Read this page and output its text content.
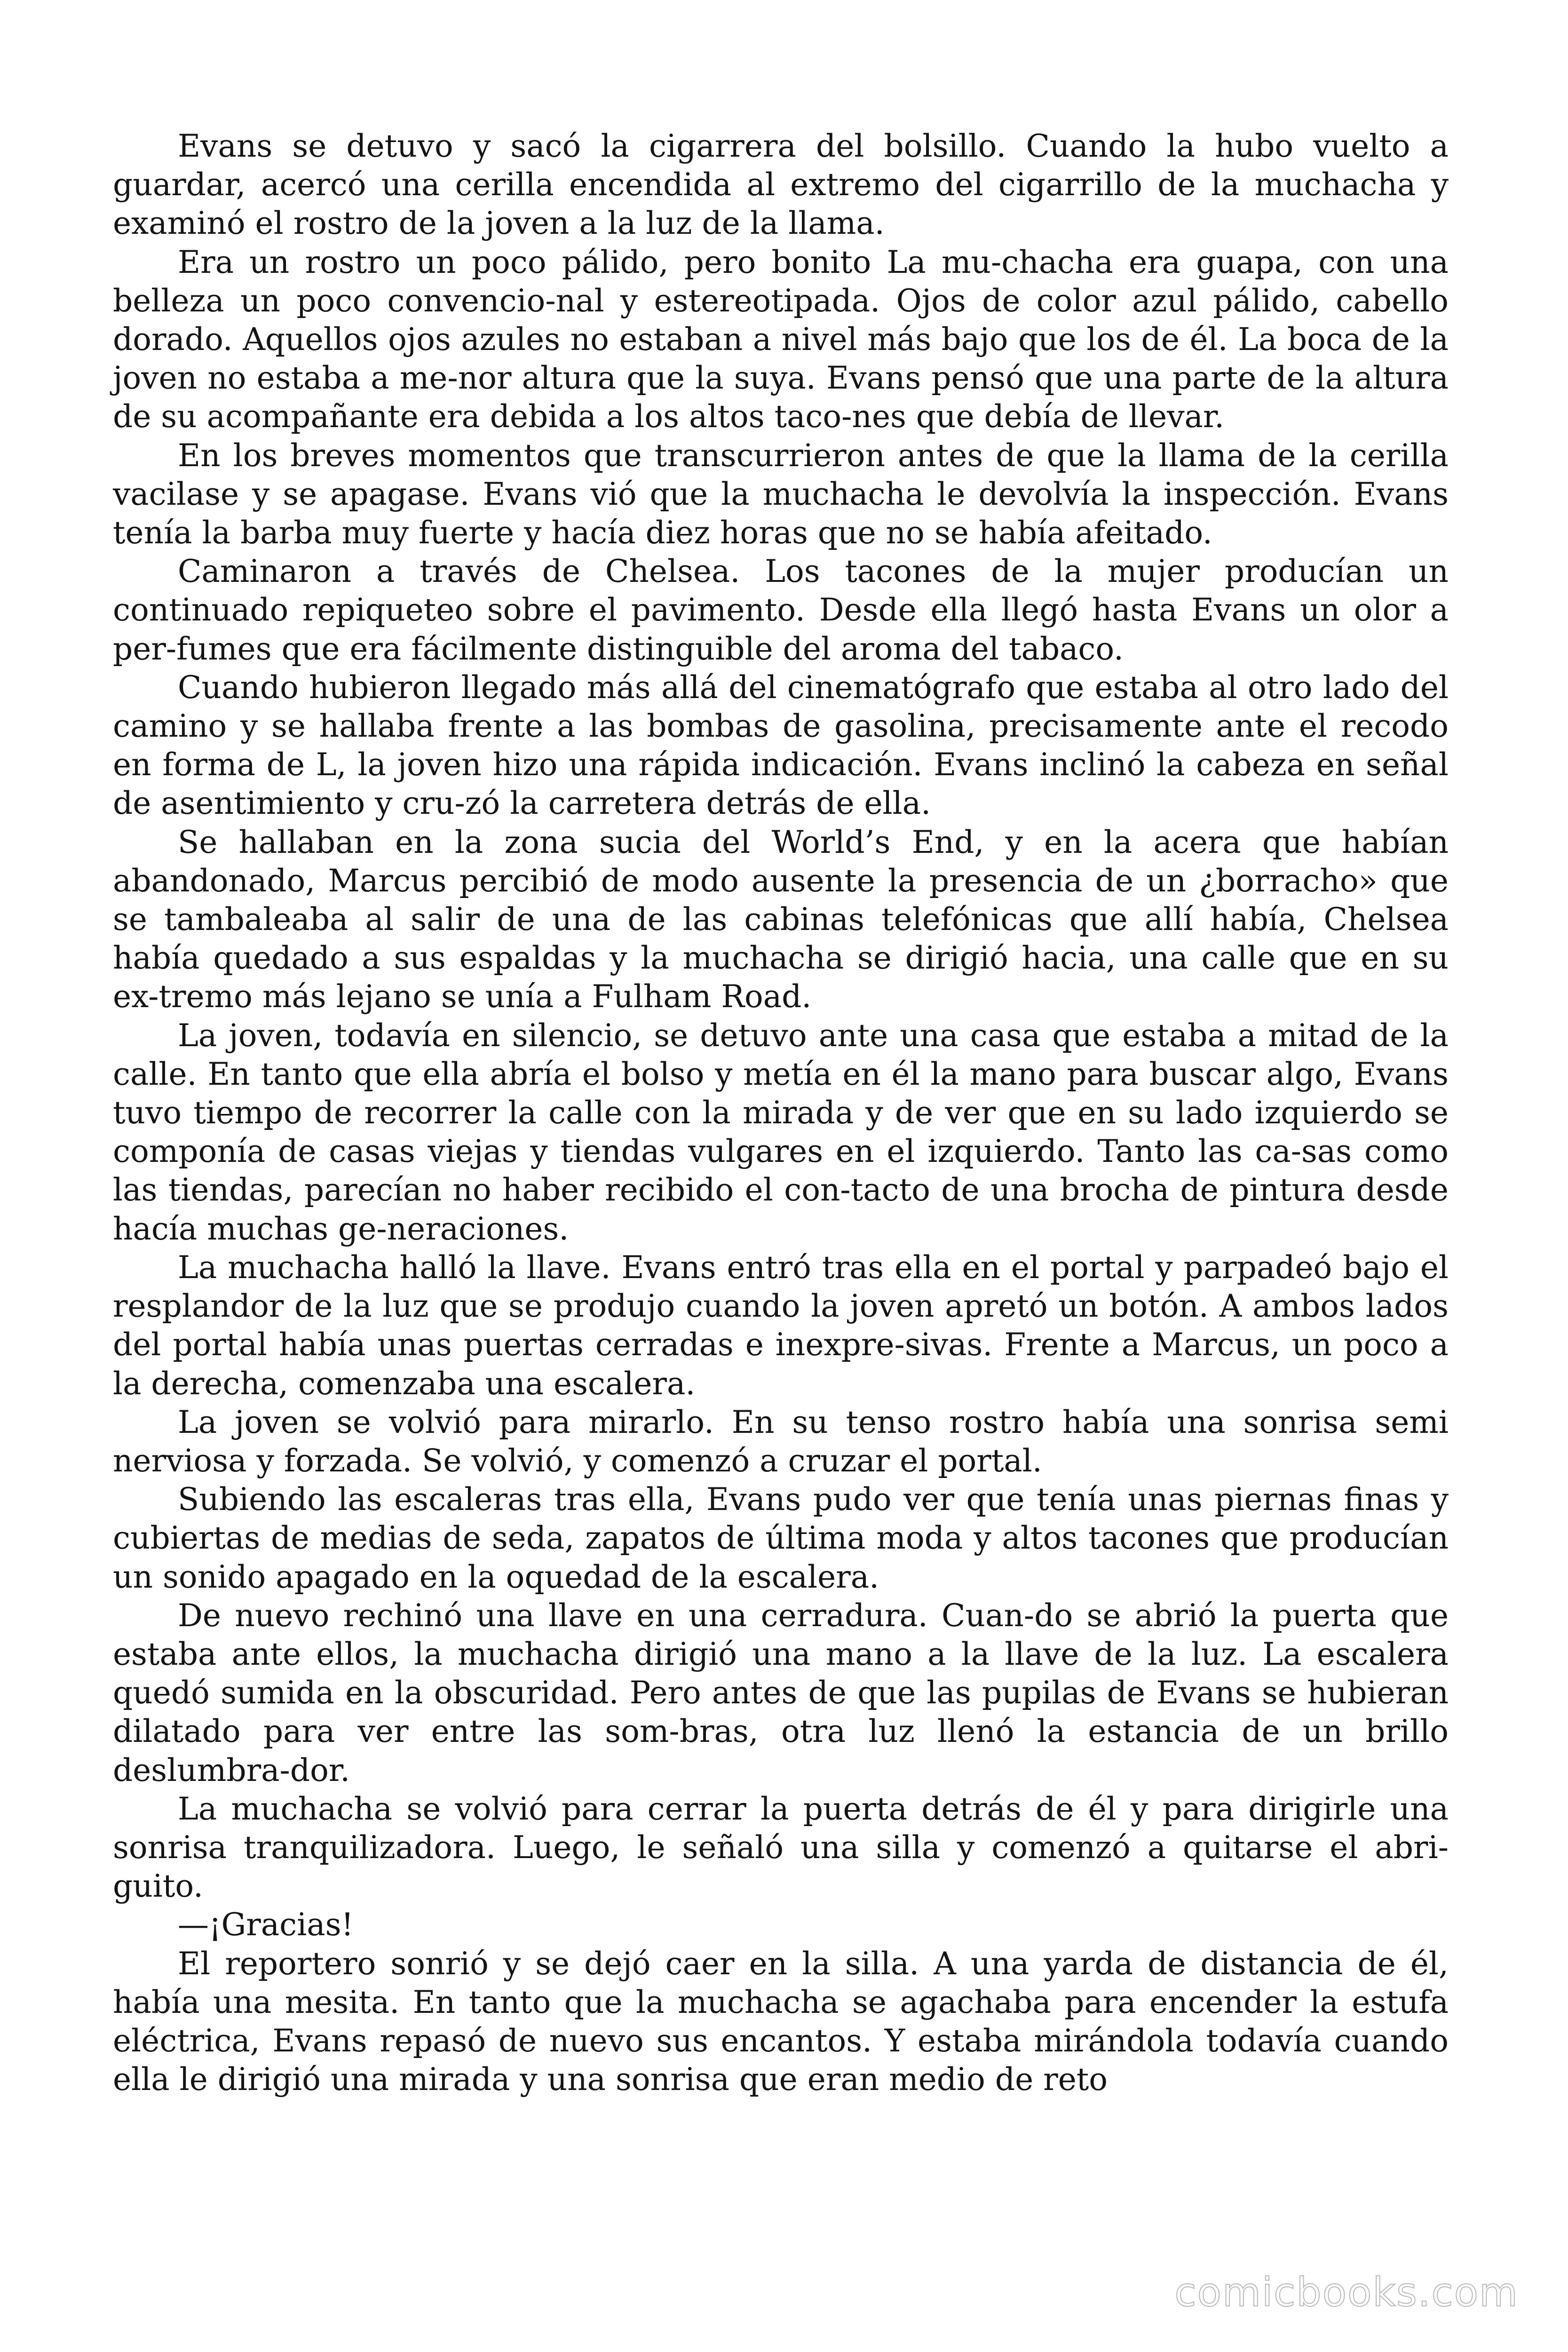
Evans se detuvo y sacó la cigarrera del bolsillo. Cuando la hubo vuelto a guardar, acercó una cerilla encendida al extremo del cigarrillo de la muchacha y examinó el rostro de la joven a la luz de la llama.

Era un rostro un poco pálido, pero bonito La mu-chacha era guapa, con una belleza un poco convencio-nal y estereotipada. Ojos de color azul pálido, cabello dorado. Aquellos ojos azules no estaban a nivel más bajo que los de él. La boca de la joven no estaba a me-nor altura que la suya. Evans pensó que una parte de la altura de su acompañante era debida a los altos taco-nes que debía de llevar.

En los breves momentos que transcurrieron antes de que la llama de la cerilla vacilase y se apagase. Evans vió que la muchacha le devolvía la inspección. Evans tenía la barba muy fuerte y hacía diez horas que no se había afeitado.

Caminaron a través de Chelsea. Los tacones de la mujer producían un continuado repiqueteo sobre el pavimento. Desde ella llegó hasta Evans un olor a per-fumes que era fácilmente distinguible del aroma del tabaco.

Cuando hubieron llegado más allá del cinematógrafo que estaba al otro lado del camino y se hallaba frente a las bombas de gasolina, precisamente ante el recodo en forma de L, la joven hizo una rápida indicación. Evans inclinó la cabeza en señal de asentimiento y cru-zó la carretera detrás de ella.

Se hallaban en la zona sucia del World’s End, y en la acera que habían abandonado, Marcus percibió de modo ausente la presencia de un ¿borracho» que se tambaleaba al salir de una de las cabinas telefónicas que allí había, Chelsea había quedado a sus espaldas y la muchacha se dirigió hacia, una calle que en su ex-tremo más lejano se unía a Fulham Road.

La joven, todavía en silencio, se detuvo ante una casa que estaba a mitad de la calle. En tanto que ella abría el bolso y metía en él la mano para buscar algo, Evans tuvo tiempo de recorrer la calle con la mirada y de ver que en su lado izquierdo se componía de casas viejas y tiendas vulgares en el izquierdo. Tanto las ca-sas como las tiendas, parecían no haber recibido el con-tacto de una brocha de pintura desde hacía muchas ge-neraciones.

La muchacha halló la llave. Evans entró tras ella en el portal y parpadeó bajo el resplandor de la luz que se produjo cuando la joven apretó un botón. A ambos lados del portal había unas puertas cerradas e inexpre-sivas. Frente a Marcus, un poco a la derecha, comenzaba una escalera.

La joven se volvió para mirarlo. En su tenso rostro había una sonrisa semi nerviosa y forzada. Se volvió, y comenzó a cruzar el portal.

Subiendo las escaleras tras ella, Evans pudo ver que tenía unas piernas finas y cubiertas de medias de seda, zapatos de última moda y altos tacones que producían un sonido apagado en la oquedad de la escalera.

De nuevo rechinó una llave en una cerradura. Cuan-do se abrió la puerta que estaba ante ellos, la muchacha dirigió una mano a la llave de la luz. La escalera quedó sumida en la obscuridad. Pero antes de que las pupilas de Evans se hubieran dilatado para ver entre las som-bras, otra luz llenó la estancia de un brillo deslumbra-dor.

La muchacha se volvió para cerrar la puerta detrás de él y para dirigirle una sonrisa tranquilizadora. Luego, le señaló una silla y comenzó a quitarse el abri-guito.

—¡Gracias!

El reportero sonrió y se dejó caer en la silla. A una yarda de distancia de él, había una mesita. En tanto que la muchacha se agachaba para encender la estufa eléctrica, Evans repasó de nuevo sus encantos. Y estaba mirándola todavía cuando ella le dirigió una mirada y una sonrisa que eran medio de reto

comicbooks.com
